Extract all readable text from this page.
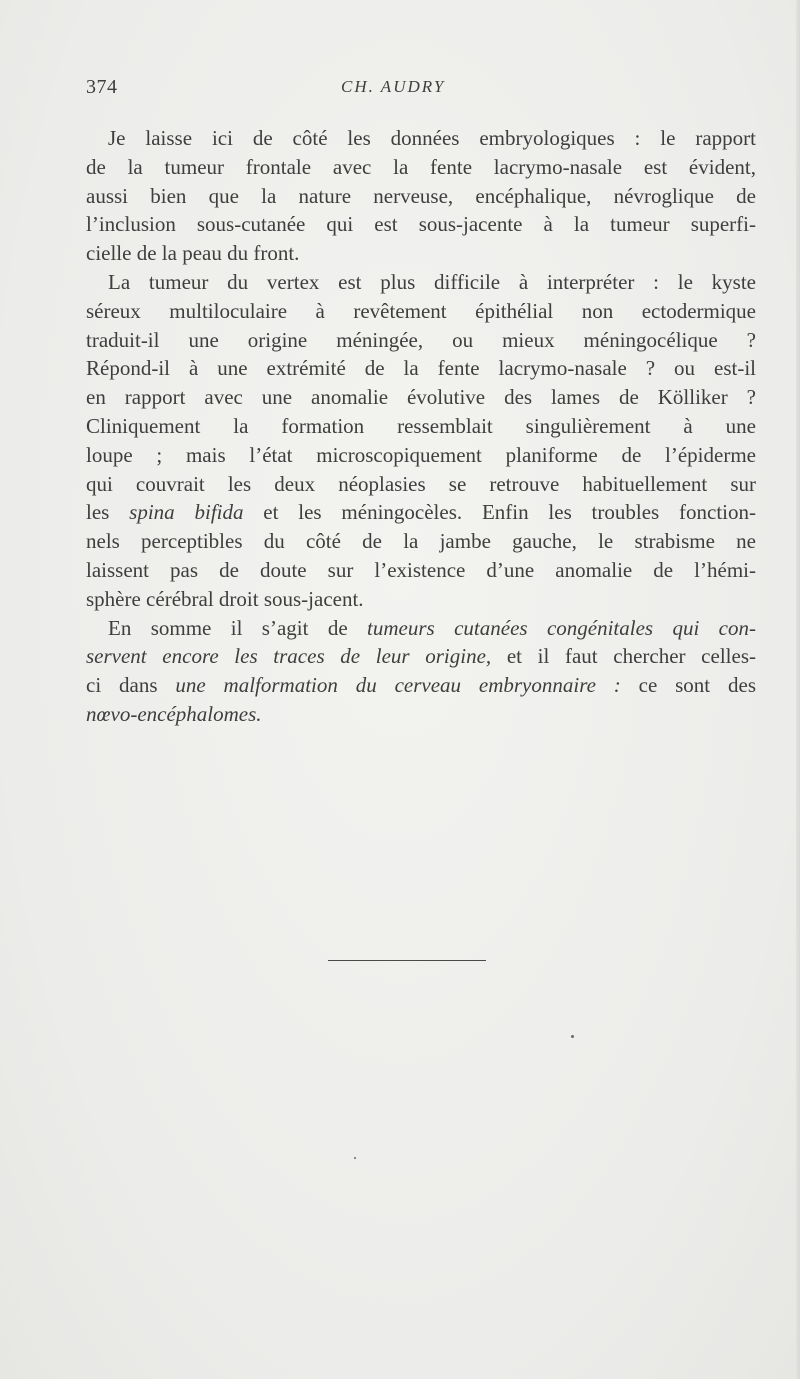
374	CH. AUDRY
Je laisse ici de côté les données embryologiques : le rapport
de la tumeur frontale avec la fente lacrymo-nasale est évident,
aussi bien que la nature nerveuse, encéphalique, névroglique de
l’inclusion sous-cutanée qui est sous-jacente à la tumeur superfi-
cielle de la peau du front.
La tumeur du vertex est plus difficile à interpréter : le kyste
séreux multiloculaire à revêtement épithélial non ectodermique
traduit-il une origine méningée, ou mieux méningocélique ?
Répond-il à une extrémité de la fente lacrymo-nasale ? ou est-il
en rapport avec une anomalie évolutive des lames de Kölliker ?
Cliniquement la formation ressemblait singulièrement à une
loupe ; mais l’état microscopiquement planiforme de l’épiderme
qui couvrait les deux néoplasies se retrouve habituellement sur
les spina bifida et les méningocèles. Enfin les troubles fonction-
nels perceptibles du côté de la jambe gauche, le strabisme ne
laissent pas de doute sur l’existence d’une anomalie de l’hémi-
sphère cérébral droit sous-jacent.
En somme il s’agit de tumeurs cutanées congénitales qui con-
servent encore les traces de leur origine, et il faut chercher celles-
ci dans une malformation du cerveau embryonnaire : ce sont des
nœvo-encéphalomes.
